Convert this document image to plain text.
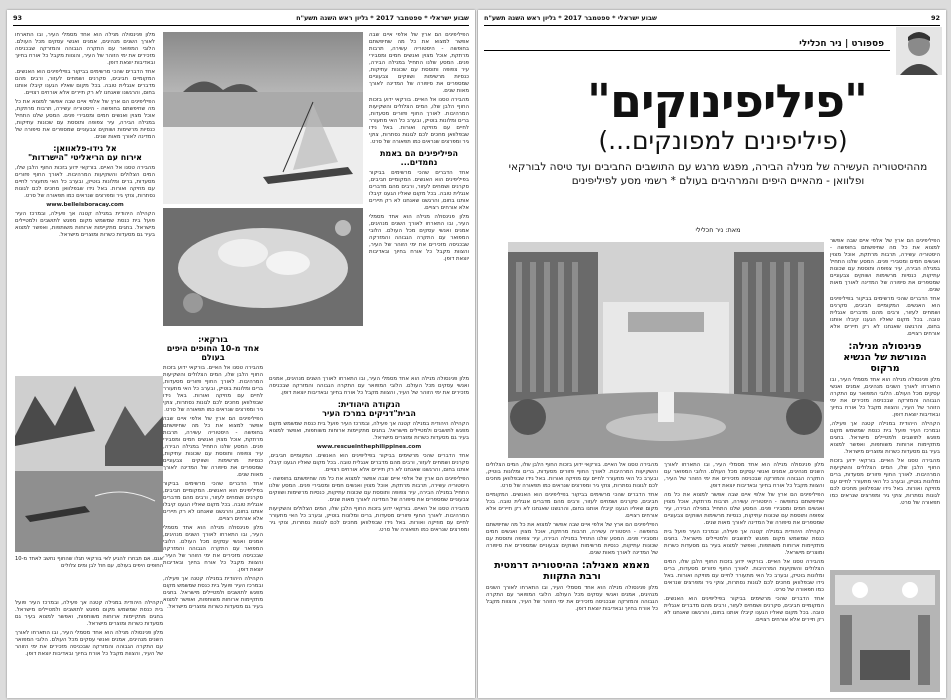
שבוע ישראלי * ספטמבר 2017 * גליון ראש השנה תשע"ח
93

הפיליפינים הם ארץ של אלפי איים שבה אפשר למצוא את כל מה שחיפשתם בחופשה - היסטוריה עשירה, תרבות מרתקת, אוכל מצוין ואנשים חמים ומסבירי פנים. המסע שלנו התחיל במנילה הבירה, עיר צפופה ותוססת עם שכונות עתיקות, כנסיות מרשימות ושווקים צבעוניים שמספרים את סיפורה של המדינה לאורך מאות שנים.

מהבירה טסנו אל האיים. בורקאי ידוע בזכות החוף הלבן שלו, המים הצלולים והשקיעות המרהיבות. לאורך החוף פזורים מסעדות, ברים ומלונות בוטיק, ובערב כל האי מתעורר לחיים עם מוזיקה ואורות. באל נידו שבפלוואן מחכים לכם לגונות נסתרות, צוקי גיר ומפרצים שנראים כמו תפאורה של סרט.

הפיליפינים הם באמת נחמדים...

אחד הדברים שהכי מרשימים בביקור בפיליפינים הוא האנשים. המקומיים חביבים, סקרנים ושמחים לעזור, ורבים מהם מדברים אנגלית טובה. בכל מקום שאליו הגענו קיבלו אותנו בחום, והרגשנו שאנחנו לא רק תיירים אלא אורחים רצויים.

מלון פנינסולה מנילה הוא אחד מסמלי העיר, ובו התארחו לאורך השנים מנהיגים, אמנים ואנשי עסקים מכל העולם. הלובי המפואר עם התקרה הגבוהה והמזרקה שבכניסה מזכירים את ימי הזוהר של העיר, והצוות מקבל כל אורח בחיוך ובאדיבות יוצאת דופן.

מלון פנינסולה מנילה הוא אחד מסמלי העיר, ובו התארחו לאורך השנים מנהיגים, אמנים ואנשי עסקים מכל העולם. הלובי המפואר עם התקרה הגבוהה והמזרקה שבכניסה מזכירים את ימי הזוהר של העיר, והצוות מקבל כל אורח בחיוך ובאדיבות יוצאת דופן.

אחד הדברים שהכי מרשימים בביקור בפיליפינים הוא האנשים. המקומיים חביבים, סקרנים ושמחים לעזור, ורבים מהם מדברים אנגלית טובה. בכל מקום שאליו הגענו קיבלו אותנו בחום, והרגשנו שאנחנו לא רק תיירים אלא אורחים רצויים.

הפיליפינים הם ארץ של אלפי איים שבה אפשר למצוא את כל מה שחיפשתם בחופשה - היסטוריה עשירה, תרבות מרתקת, אוכל מצוין ואנשים חמים ומסבירי פנים. המסע שלנו התחיל במנילה הבירה, עיר צפופה ותוססת עם שכונות עתיקות, כנסיות מרשימות ושווקים צבעוניים שמספרים את סיפורה של המדינה לאורך מאות שנים.

אל נידו-פלאוואן:
אירוח עם הריאליטי "הישרדות"

מהבירה טסנו אל האיים. בורקאי ידוע בזכות החוף הלבן שלו, המים הצלולים והשקיעות המרהיבות. לאורך החוף פזורים מסעדות, ברים ומלונות בוטיק, ובערב כל האי מתעורר לחיים עם מוזיקה ואורות. באל נידו שבפלוואן מחכים לכם לגונות נסתרות, צוקי גיר ומפרצים שנראים כמו תפאורה של סרט.

www.belleisboracay.com

הקהילה היהודית במנילה קטנה אך פעילה, ובמרכז העיר פועל בית כנסת שמשמש מקום מפגש לתושבים ולמטיילים מישראל. בחגים מתקיימות ארוחות משותפות, ואפשר למצוא בעיר גם מסעדות כשרות ומוצרים מישראל.

בורקאי:
אחד מ-10 החופים היפים בעולם

מהבירה טסנו אל האיים. בורקאי ידוע בזכות החוף הלבן שלו, המים הצלולים והשקיעות המרהיבות. לאורך החוף פזורים מסעדות, ברים ומלונות בוטיק, ובערב כל האי מתעורר לחיים עם מוזיקה ואורות. באל נידו שבפלוואן מחכים לכם לגונות נסתרות, צוקי גיר ומפרצים שנראים כמו תפאורה של סרט.

הפיליפינים הם ארץ של אלפי איים שבה אפשר למצוא את כל מה שחיפשתם בחופשה - היסטוריה עשירה, תרבות מרתקת, אוכל מצוין ואנשים חמים ומסבירי פנים. המסע שלנו התחיל במנילה הבירה, עיר צפופה ותוססת עם שכונות עתיקות, כנסיות מרשימות ושווקים צבעוניים שמספרים את סיפורה של המדינה לאורך מאות שנים.

אחד הדברים שהכי מרשימים בביקור בפיליפינים הוא האנשים. המקומיים חביבים, סקרנים ושמחים לעזור, ורבים מהם מדברים אנגלית טובה. בכל מקום שאליו הגענו קיבלו אותנו בחום, והרגשנו שאנחנו לא רק תיירים אלא אורחים רצויים.

מלון פנינסולה מנילה הוא אחד מסמלי העיר, ובו התארחו לאורך השנים מנהיגים, אמנים ואנשי עסקים מכל העולם. הלובי המפואר עם התקרה הגבוהה והמזרקה שבכניסה מזכירים את ימי הזוהר של העיר, והצוות מקבל כל אורח בחיוך ובאדיבות יוצאת דופן.

הקהילה היהודית במנילה קטנה אך פעילה, ובמרכז העיר פועל בית כנסת שמשמש מקום מפגש לתושבים ולמטיילים מישראל. בחגים מתקיימות ארוחות משותפות, ואפשר למצוא בעיר גם מסעדות כשרות ומוצרים מישראל.

מלון פנינסולה מנילה הוא אחד מסמלי העיר, ובו התארחו לאורך השנים מנהיגים, אמנים ואנשי עסקים מכל העולם. הלובי המפואר עם התקרה הגבוהה והמזרקה שבכניסה מזכירים את ימי הזוהר של העיר, והצוות מקבל כל אורח בחיוך ובאדיבות יוצאת דופן.

הנקודה היהודית:
הבית"דניקים במרכז העיר

הקהילה היהודית במנילה קטנה אך פעילה, ובמרכז העיר פועל בית כנסת שמשמש מקום מפגש לתושבים ולמטיילים מישראל. בחגים מתקיימות ארוחות משותפות, ואפשר למצוא בעיר גם מסעדות כשרות ומוצרים מישראל.

www.rescueinthephilippines.com

אחד הדברים שהכי מרשימים בביקור בפיליפינים הוא האנשים. המקומיים חביבים, סקרנים ושמחים לעזור, ורבים מהם מדברים אנגלית טובה. בכל מקום שאליו הגענו קיבלו אותנו בחום, והרגשנו שאנחנו לא רק תיירים אלא אורחים רצויים.

הפיליפינים הם ארץ של אלפי איים שבה אפשר למצוא את כל מה שחיפשתם בחופשה - היסטוריה עשירה, תרבות מרתקת, אוכל מצוין ואנשים חמים ומסבירי פנים. המסע שלנו התחיל במנילה הבירה, עיר צפופה ותוססת עם שכונות עתיקות, כנסיות מרשימות ושווקים צבעוניים שמספרים את סיפורה של המדינה לאורך מאות שנים.

מהבירה טסנו אל האיים. בורקאי ידוע בזכות החוף הלבן שלו, המים הצלולים והשקיעות המרהיבות. לאורך החוף פזורים מסעדות, ברים ומלונות בוטיק, ובערב כל האי מתעורר לחיים עם מוזיקה ואורות. באל נידו שבפלוואן מחכים לכם לגונות נסתרות, צוקי גיר ומפרצים שנראים כמו תפאורה של סרט.

אגם. אם תבחרו להגיע לאי בורקאי תגלו שהחוף נחשב לאחד מ-10 החופים היפים בעולם, עם חול לבן ומים צלולים

הקהילה היהודית במנילה קטנה אך פעילה, ובמרכז העיר פועל בית כנסת שמשמש מקום מפגש לתושבים ולמטיילים מישראל. בחגים מתקיימות ארוחות משותפות, ואפשר למצוא בעיר גם מסעדות כשרות ומוצרים מישראל.

מלון פנינסולה מנילה הוא אחד מסמלי העיר, ובו התארחו לאורך השנים מנהיגים, אמנים ואנשי עסקים מכל העולם. הלובי המפואר עם התקרה הגבוהה והמזרקה שבכניסה מזכירים את ימי הזוהר של העיר, והצוות מקבל כל אורח בחיוך ובאדיבות יוצאת דופן.

92
שבוע ישראלי * ספטמבר 2017 * גליון ראש השנה תשע"ח
פספורט | ניר חכלילי
"פיליפינוקים"
(פיליפינים למפונקים...)
מההיסטוריה העשירה של מנילה הבירה, מפגש מרגש עם התושבים החביבים ועד טיסה לבורקאי ופלוואן - מהאיים היפים והמרהיבים בעולם * רשמי מסע לפיליפינים
מאת: ניר חכלילי

הפיליפינים הם ארץ של אלפי איים שבה אפשר למצוא את כל מה שחיפשתם בחופשה - היסטוריה עשירה, תרבות מרתקת, אוכל מצוין ואנשים חמים ומסבירי פנים. המסע שלנו התחיל במנילה הבירה, עיר צפופה ותוססת עם שכונות עתיקות, כנסיות מרשימות ושווקים צבעוניים שמספרים את סיפורה של המדינה לאורך מאות שנים.

אחד הדברים שהכי מרשימים בביקור בפיליפינים הוא האנשים. המקומיים חביבים, סקרנים ושמחים לעזור, ורבים מהם מדברים אנגלית טובה. בכל מקום שאליו הגענו קיבלו אותנו בחום, והרגשנו שאנחנו לא רק תיירים אלא אורחים רצויים.

פנינסולה מנילה:
המורשת של הנשיא מרקוס

מלון פנינסולה מנילה הוא אחד מסמלי העיר, ובו התארחו לאורך השנים מנהיגים, אמנים ואנשי עסקים מכל העולם. הלובי המפואר עם התקרה הגבוהה והמזרקה שבכניסה מזכירים את ימי הזוהר של העיר, והצוות מקבל כל אורח בחיוך ובאדיבות יוצאת דופן.

הקהילה היהודית במנילה קטנה אך פעילה, ובמרכז העיר פועל בית כנסת שמשמש מקום מפגש לתושבים ולמטיילים מישראל. בחגים מתקיימות ארוחות משותפות, ואפשר למצוא בעיר גם מסעדות כשרות ומוצרים מישראל.

מהבירה טסנו אל האיים. בורקאי ידוע בזכות החוף הלבן שלו, המים הצלולים והשקיעות המרהיבות. לאורך החוף פזורים מסעדות, ברים ומלונות בוטיק, ובערב כל האי מתעורר לחיים עם מוזיקה ואורות. באל נידו שבפלוואן מחכים לכם לגונות נסתרות, צוקי גיר ומפרצים שנראים כמו תפאורה של סרט.

מלון פנינסולה מנילה הוא אחד מסמלי העיר, ובו התארחו לאורך השנים מנהיגים, אמנים ואנשי עסקים מכל העולם. הלובי המפואר עם התקרה הגבוהה והמזרקה שבכניסה מזכירים את ימי הזוהר של העיר, והצוות מקבל כל אורח בחיוך ובאדיבות יוצאת דופן.

הפיליפינים הם ארץ של אלפי איים שבה אפשר למצוא את כל מה שחיפשתם בחופשה - היסטוריה עשירה, תרבות מרתקת, אוכל מצוין ואנשים חמים ומסבירי פנים. המסע שלנו התחיל במנילה הבירה, עיר צפופה ותוססת עם שכונות עתיקות, כנסיות מרשימות ושווקים צבעוניים שמספרים את סיפורה של המדינה לאורך מאות שנים.

הקהילה היהודית במנילה קטנה אך פעילה, ובמרכז העיר פועל בית כנסת שמשמש מקום מפגש לתושבים ולמטיילים מישראל. בחגים מתקיימות ארוחות משותפות, ואפשר למצוא בעיר גם מסעדות כשרות ומוצרים מישראל.

מהבירה טסנו אל האיים. בורקאי ידוע בזכות החוף הלבן שלו, המים הצלולים והשקיעות המרהיבות. לאורך החוף פזורים מסעדות, ברים ומלונות בוטיק, ובערב כל האי מתעורר לחיים עם מוזיקה ואורות. באל נידו שבפלוואן מחכים לכם לגונות נסתרות, צוקי גיר ומפרצים שנראים כמו תפאורה של סרט.

אחד הדברים שהכי מרשימים בביקור בפיליפינים הוא האנשים. המקומיים חביבים, סקרנים ושמחים לעזור, ורבים מהם מדברים אנגלית טובה. בכל מקום שאליו הגענו קיבלו אותנו בחום, והרגשנו שאנחנו לא רק תיירים אלא אורחים רצויים.

מהבירה טסנו אל האיים. בורקאי ידוע בזכות החוף הלבן שלו, המים הצלולים והשקיעות המרהיבות. לאורך החוף פזורים מסעדות, ברים ומלונות בוטיק, ובערב כל האי מתעורר לחיים עם מוזיקה ואורות. באל נידו שבפלוואן מחכים לכם לגונות נסתרות, צוקי גיר ומפרצים שנראים כמו תפאורה של סרט.

אחד הדברים שהכי מרשימים בביקור בפיליפינים הוא האנשים. המקומיים חביבים, סקרנים ושמחים לעזור, ורבים מהם מדברים אנגלית טובה. בכל מקום שאליו הגענו קיבלו אותנו בחום, והרגשנו שאנחנו לא רק תיירים אלא אורחים רצויים.

הפיליפינים הם ארץ של אלפי איים שבה אפשר למצוא את כל מה שחיפשתם בחופשה - היסטוריה עשירה, תרבות מרתקת, אוכל מצוין ואנשים חמים ומסבירי פנים. המסע שלנו התחיל במנילה הבירה, עיר צפופה ותוססת עם שכונות עתיקות, כנסיות מרשימות ושווקים צבעוניים שמספרים את סיפורה של המדינה לאורך מאות שנים.

מאמא מאנילה: ההיסטוריה דרמטית
ורבת התקוות

מלון פנינסולה מנילה הוא אחד מסמלי העיר, ובו התארחו לאורך השנים מנהיגים, אמנים ואנשי עסקים מכל העולם. הלובי המפואר עם התקרה הגבוהה והמזרקה שבכניסה מזכירים את ימי הזוהר של העיר, והצוות מקבל כל אורח בחיוך ובאדיבות יוצאת דופן.
